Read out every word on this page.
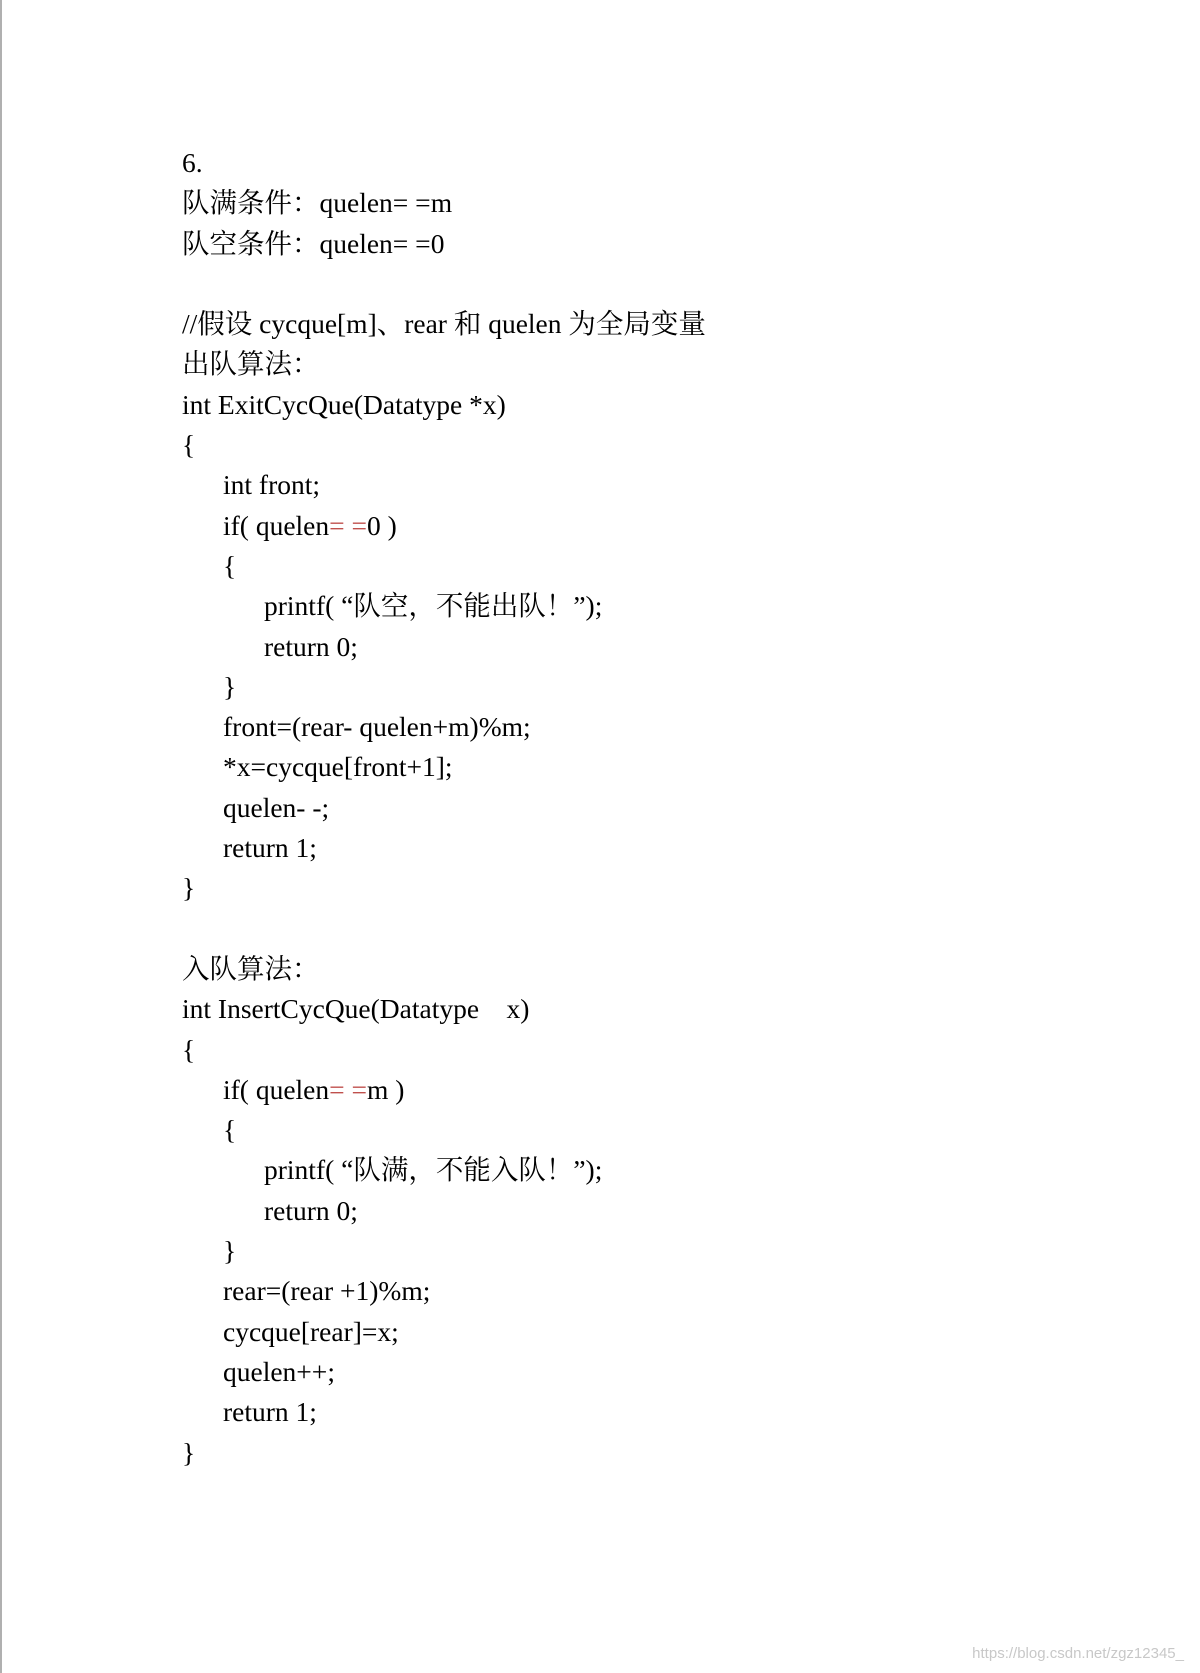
6.
队满条件：quelen= =m
队空条件：quelen= =0
//假设 cycque[m]、rear 和 quelen 为全局变量
出队算法：
int ExitCycQue(Datatype *x)
{
int front;
if( quelen= =0 )
{
printf( “队空，不能出队！”);
return 0;
}
front=(rear- quelen+m)%m;
*x=cycque[front+1];
quelen- -;
return 1;
}
入队算法：
int InsertCycQue(Datatype    x)
{
if( quelen= =m )
{
printf( “队满，不能入队！”);
return 0;
}
rear=(rear +1)%m;
cycque[rear]=x;
quelen++;
return 1;
}
https://blog.csdn.net/zgz12345_
